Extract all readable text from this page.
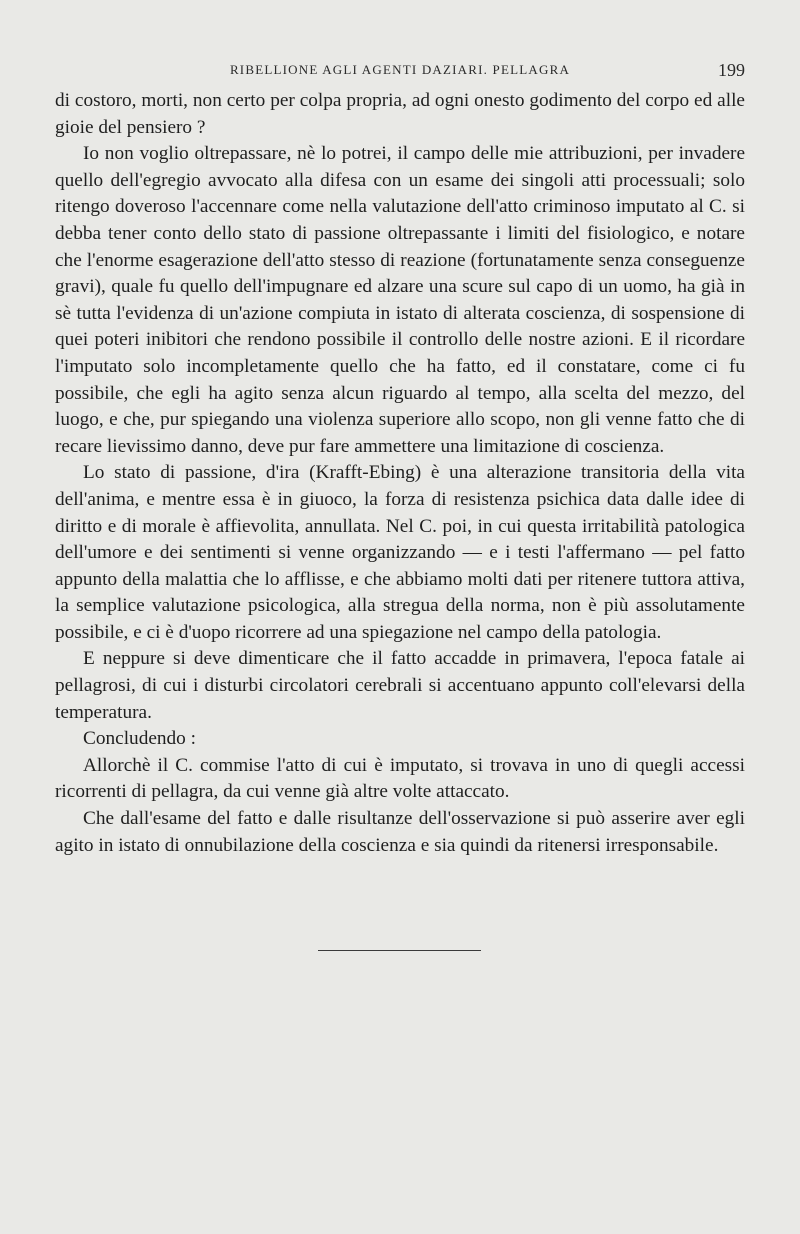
RIBELLIONE AGLI AGENTI DAZIARI. PELLAGRA	199

di costoro, morti, non certo per colpa propria, ad ogni onesto godimento del corpo ed alle gioie del pensiero ?

Io non voglio oltrepassare, nè lo potrei, il campo delle mie attribuzioni, per invadere quello dell'egregio avvocato alla difesa con un esame dei singoli atti processuali; solo ritengo doveroso l'accennare come nella valutazione dell'atto criminoso imputato al C. si debba tener conto dello stato di passione oltrepassante i limiti del fisiologico, e notare che l'enorme esagerazione dell'atto stesso di reazione (fortunatamente senza conseguenze gravi), quale fu quello dell'impugnare ed alzare una scure sul capo di un uomo, ha già in sè tutta l'evidenza di un'azione compiuta in istato di alterata coscienza, di sospensione di quei poteri inibitori che rendono possibile il controllo delle nostre azioni. E il ricordare l'imputato solo incompletamente quello che ha fatto, ed il constatare, come ci fu possibile, che egli ha agito senza alcun riguardo al tempo, alla scelta del mezzo, del luogo, e che, pur spiegando una violenza superiore allo scopo, non gli venne fatto che di recare lievissimo danno, deve pur fare ammettere una limitazione di coscienza.

Lo stato di passione, d'ira (Krafft-Ebing) è una alterazione transitoria della vita dell'anima, e mentre essa è in giuoco, la forza di resistenza psichica data dalle idee di diritto e di morale è affievolita, annullata. Nel C. poi, in cui questa irritabilità patologica dell'umore e dei sentimenti si venne organizzando — e i testi l'affermano — pel fatto appunto della malattia che lo afflisse, e che abbiamo molti dati per ritenere tuttora attiva, la semplice valutazione psicologica, alla stregua della norma, non è più assolutamente possibile, e ci è d'uopo ricorrere ad una spiegazione nel campo della patologia.

E neppure si deve dimenticare che il fatto accadde in primavera, l'epoca fatale ai pellagrosi, di cui i disturbi circolatori cerebrali si accentuano appunto coll'elevarsi della temperatura.

Concludendo :

Allorchè il C. commise l'atto di cui è imputato, si trovava in uno di quegli accessi ricorrenti di pellagra, da cui venne già altre volte attaccato.

Che dall'esame del fatto e dalle risultanze dell'osservazione si può asserire aver egli agito in istato di onnubilazione della coscienza e sia quindi da ritenersi irresponsabile.
